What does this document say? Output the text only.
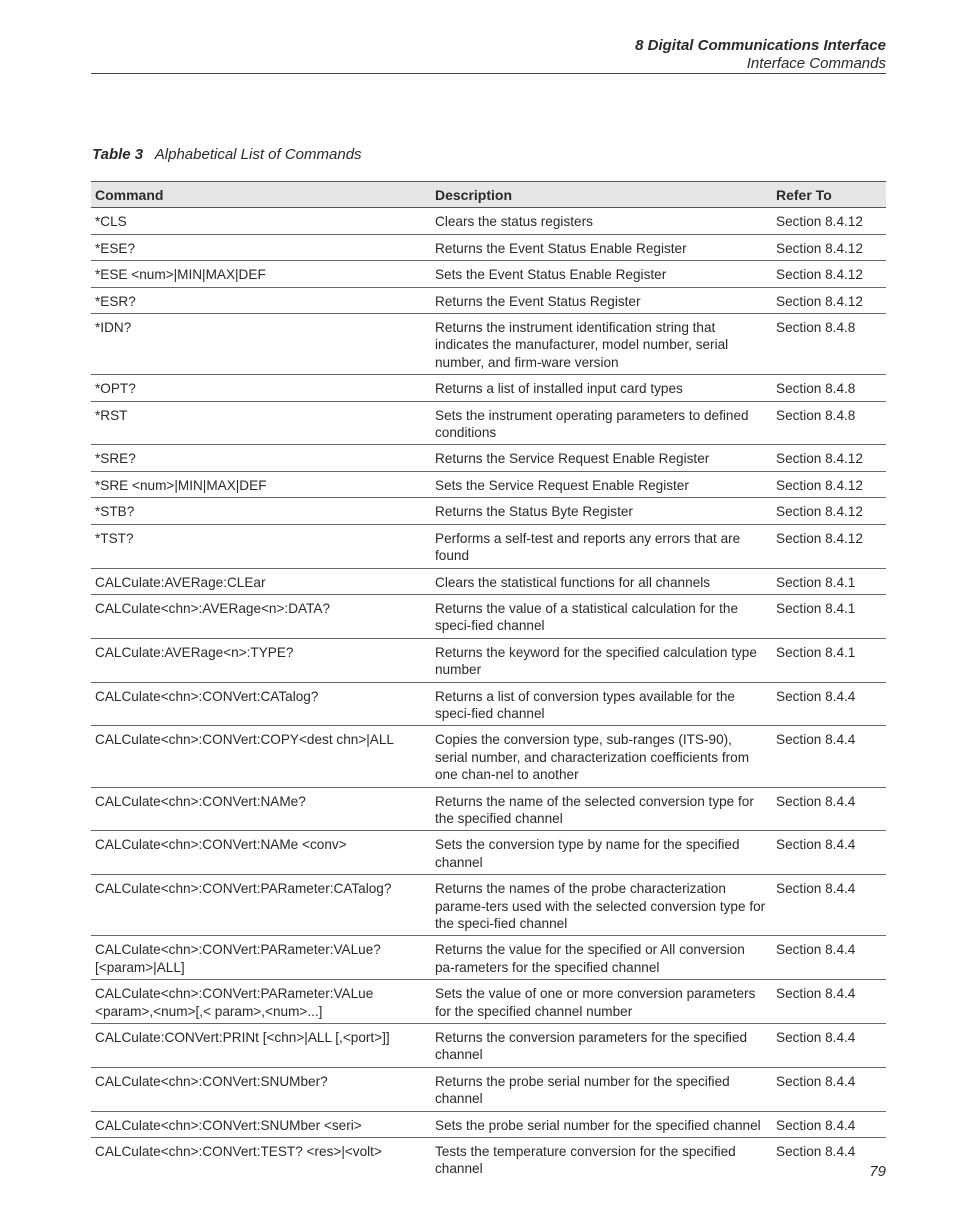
8 Digital Communications Interface
Interface Commands
Table 3 Alphabetical List of Commands
Command	Description	Refer To
*CLS	Clears the status registers	Section 8.4.12
*ESE?	Returns the Event Status Enable Register	Section 8.4.12
*ESE <num>|MIN|MAX|DEF	Sets the Event Status Enable Register	Section 8.4.12
*ESR?	Returns the Event Status Register	Section 8.4.12
*IDN?	Returns the instrument identification string that indicates the manufacturer, model number, serial number, and firm-ware version	Section 8.4.8
*OPT?	Returns a list of installed input card types	Section 8.4.8
*RST	Sets the instrument operating parameters to defined conditions	Section 8.4.8
*SRE?	Returns the Service Request Enable Register	Section 8.4.12
*SRE <num>|MIN|MAX|DEF	Sets the Service Request Enable Register	Section 8.4.12
*STB?	Returns the Status Byte Register	Section 8.4.12
*TST?	Performs a self-test and reports any errors that are found	Section 8.4.12
CALCulate:AVERage:CLEar	Clears the statistical functions for all channels	Section 8.4.1
CALCulate<chn>:AVERage<n>:DATA?	Returns the value of a statistical calculation for the speci-fied channel	Section 8.4.1
CALCulate:AVERage<n>:TYPE?	Returns the keyword for the specified calculation type number	Section 8.4.1
CALCulate<chn>:CONVert:CATalog?	Returns a list of conversion types available for the speci-fied channel	Section 8.4.4
CALCulate<chn>:CONVert:COPY<dest chn>|ALL	Copies the conversion type, sub-ranges (ITS-90), serial number, and characterization coefficients from one chan-nel to another	Section 8.4.4
CALCulate<chn>:CONVert:NAMe?	Returns the name of the selected conversion type for the specified channel	Section 8.4.4
CALCulate<chn>:CONVert:NAMe <conv>	Sets the conversion type by name for the specified channel	Section 8.4.4
CALCulate<chn>:CONVert:PARameter:CATalog?	Returns the names of the probe characterization parame-ters used with the selected conversion type for the speci-fied channel	Section 8.4.4
CALCulate<chn>:CONVert:PARameter:VALue? [<param>|ALL]	Returns the value for the specified or All conversion pa-rameters for the specified channel	Section 8.4.4
CALCulate<chn>:CONVert:PARameter:VALue <param>,<num>[,< param>,<num>...]	Sets the value of one or more conversion parameters for the specified channel number	Section 8.4.4
CALCulate:CONVert:PRINt [<chn>|ALL [,<port>]]	Returns the conversion parameters for the specified channel	Section 8.4.4
CALCulate<chn>:CONVert:SNUMber?	Returns the probe serial number for the specified channel	Section 8.4.4
CALCulate<chn>:CONVert:SNUMber <seri>	Sets the probe serial number for the specified channel	Section 8.4.4
CALCulate<chn>:CONVert:TEST? <res>|<volt>	Tests the temperature conversion for the specified channel	Section 8.4.4
79
